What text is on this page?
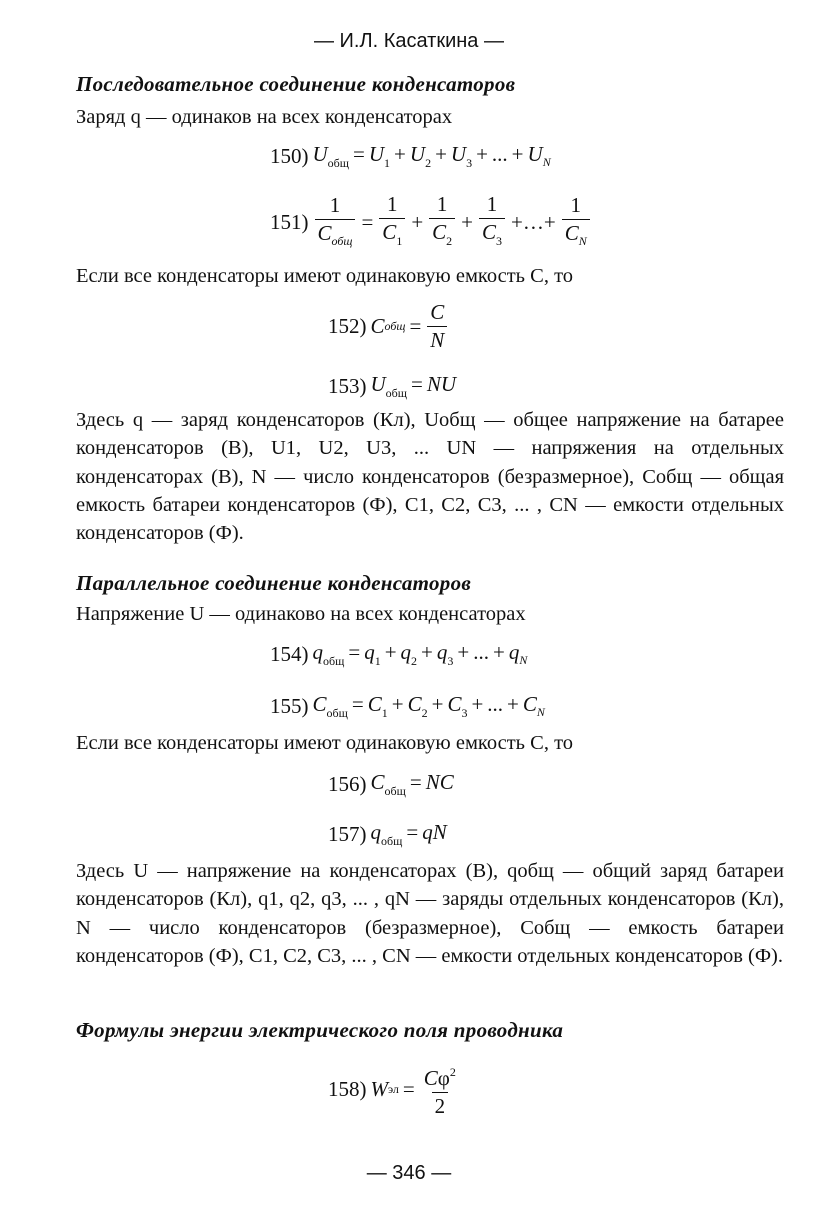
— И.Л. Касаткина —
Последовательное соединение конденсаторов
Заряд q — одинаков на всех конденсаторах
150) $U_{общ} = U_1 + U_2 + U_3$ + ... + $U_N$
$151) \frac{1}{C_{общ}} = \frac{1}{C_1} + \frac{1}{C_2} + \frac{1}{C_3}$ +…+ $\frac{1}{C_N}$
Если все конденсаторы имеют одинаковую емкость C, то
152) C общ = $\frac{C}{N}$
153) $U_{общ}$ = NU

Здесь q — заряд конденсаторов (Кл), Uобщ — общее напряжение на батарее конденсаторов (В), U1, U2, U3, ... UN — напряжения на отдельных конденсаторах (В), N — число конденсаторов (безразмерное), Cобщ — общая емкость батареи конденсаторов (Ф), C1, C2, C3, ... , CN — емкости отдельных конденсаторов (Ф).

Параллельное соединение конденсаторов
Напряжение U — одинаково на всех конденсаторах
154) $q_{общ} = q_1 + q_2 + q_3$ + ... + $q_N$
155) $C_{общ} = C_1 + C_2 + C_3$ + ... + $C_N$
Если все конденсаторы имеют одинаковую емкость C, то
156) $C_{общ}$ = NC
157) $q_{общ}$ = qN

Здесь U — напряжение на конденсаторах (В), qобщ — общий заряд батареи конденсаторов (Кл), q1, q2, q3, ... , qN — заряды отдельных конденсаторов (Кл), N — число конденсаторов (безразмерное), Cобщ — емкость батареи конденсаторов (Ф), C1, C2, C3, ... , CN — емкости отдельных конденсаторов (Ф).

Формулы энергии электрического поля проводника
158) W эл = $\frac{C\varphi^2}{2}$
— 346 —
